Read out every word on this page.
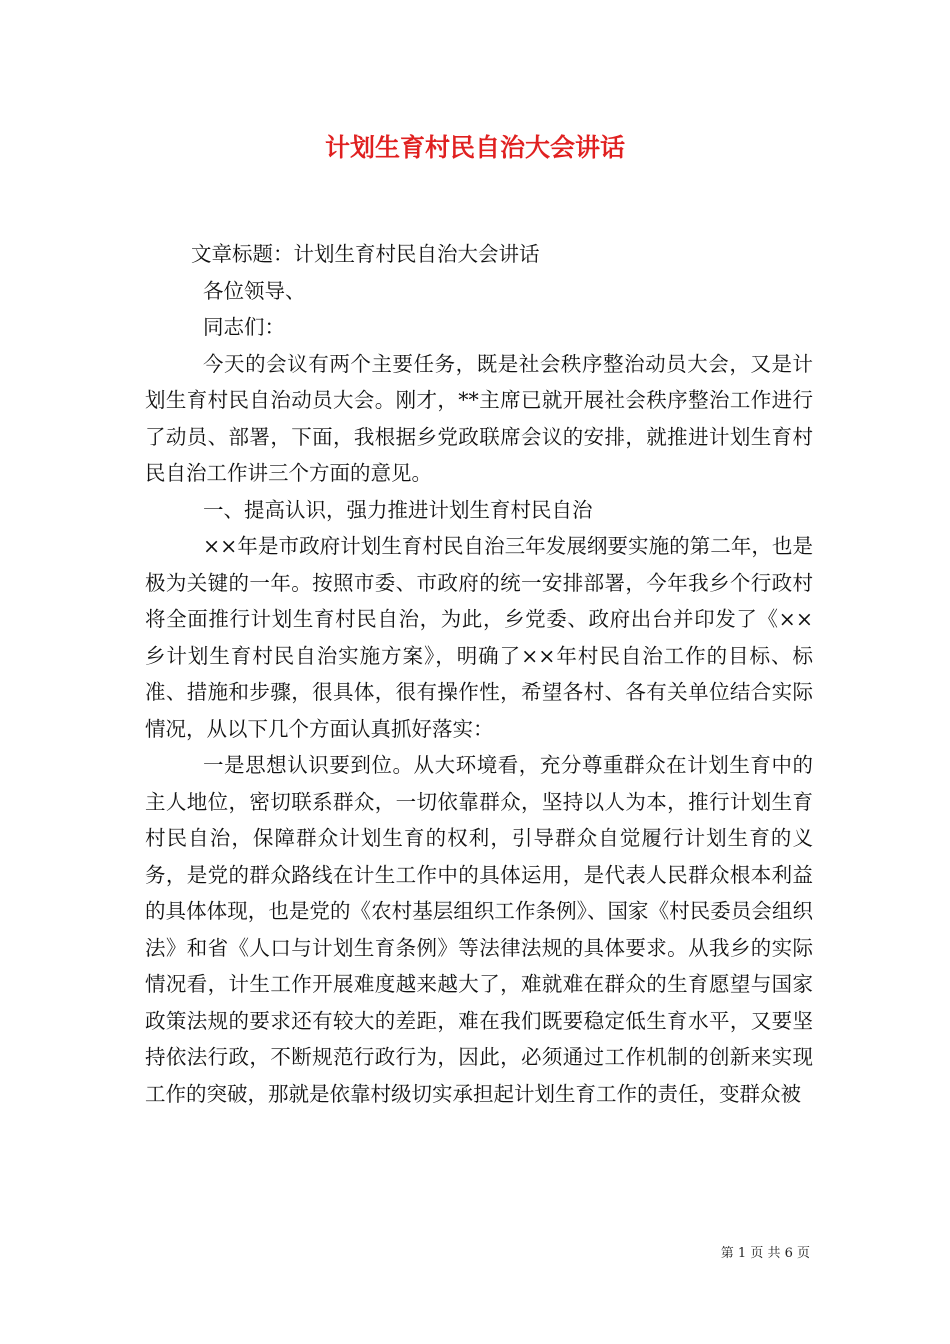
计划生育村民自治大会讲话

文章标题：计划生育村民自治大会讲话

各位领导、

同志们：

今天的会议有两个主要任务，既是社会秩序整治动员大会，又是计划生育村民自治动员大会。刚才，**主席已就开展社会秩序整治工作进行了动员、部署，下面，我根据乡党政联席会议的安排，就推进计划生育村民自治工作讲三个方面的意见。

一、提高认识，强力推进计划生育村民自治

××年是市政府计划生育村民自治三年发展纲要实施的第二年，也是极为关键的一年。按照市委、市政府的统一安排部署，今年我乡个行政村将全面推行计划生育村民自治，为此，乡党委、政府出台并印发了《××乡计划生育村民自治实施方案》，明确了××年村民自治工作的目标、标准、措施和步骤，很具体，很有操作性，希望各村、各有关单位结合实际情况，从以下几个方面认真抓好落实：

一是思想认识要到位。从大环境看，充分尊重群众在计划生育中的主人地位，密切联系群众，一切依靠群众，坚持以人为本，推行计划生育村民自治，保障群众计划生育的权利，引导群众自觉履行计划生育的义务，是党的群众路线在计生工作中的具体运用，是代表人民群众根本利益的具体体现，也是党的《农村基层组织工作条例》、国家《村民委员会组织法》和省《人口与计划生育条例》等法律法规的具体要求。从我乡的实际情况看，计生工作开展难度越来越大了，难就难在群众的生育愿望与国家政策法规的要求还有较大的差距，难在我们既要稳定低生育水平，又要坚持依法行政，不断规范行政行为，因此，必须通过工作机制的创新来实现工作的突破，那就是依靠村级切实承担起计划生育工作的责任，变群众被

第 1 页 共 6 页
